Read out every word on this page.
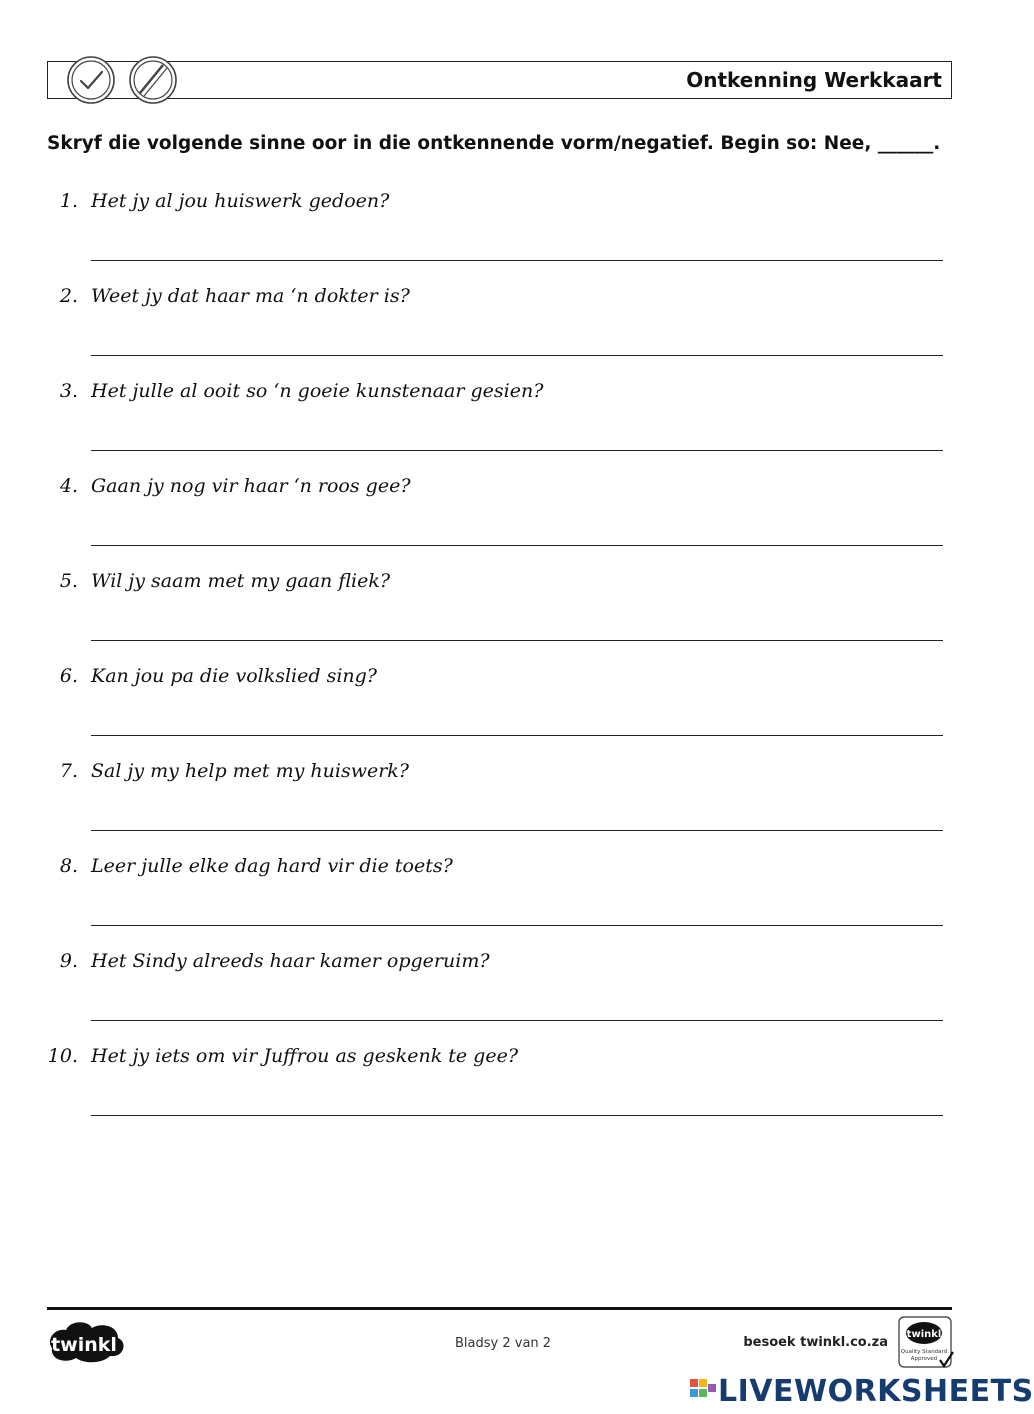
Ontkenning Werkkaart
Skryf die volgende sinne oor in die ontkennende vorm/negatief. Begin so: Nee, ______.
1. Het jy al jou huiswerk gedoen?
2. Weet jy dat haar ma ‘n dokter is?
3. Het julle al ooit so ‘n goeie kunstenaar gesien?
4. Gaan jy nog vir haar ‘n roos gee?
5. Wil jy saam met my gaan fliek?
6. Kan jou pa die volkslied sing?
7. Sal jy my help met my huiswerk?
8. Leer julle elke dag hard vir die toets?
9. Het Sindy alreeds haar kamer opgeruim?
10. Het jy iets om vir Juffrou as geskenk te gee?
twinkl	Bladsy 2 van 2	besoek twinkl.co.za
twinkl
Quality Standard
Approved
LIVEWORKSHEETS
